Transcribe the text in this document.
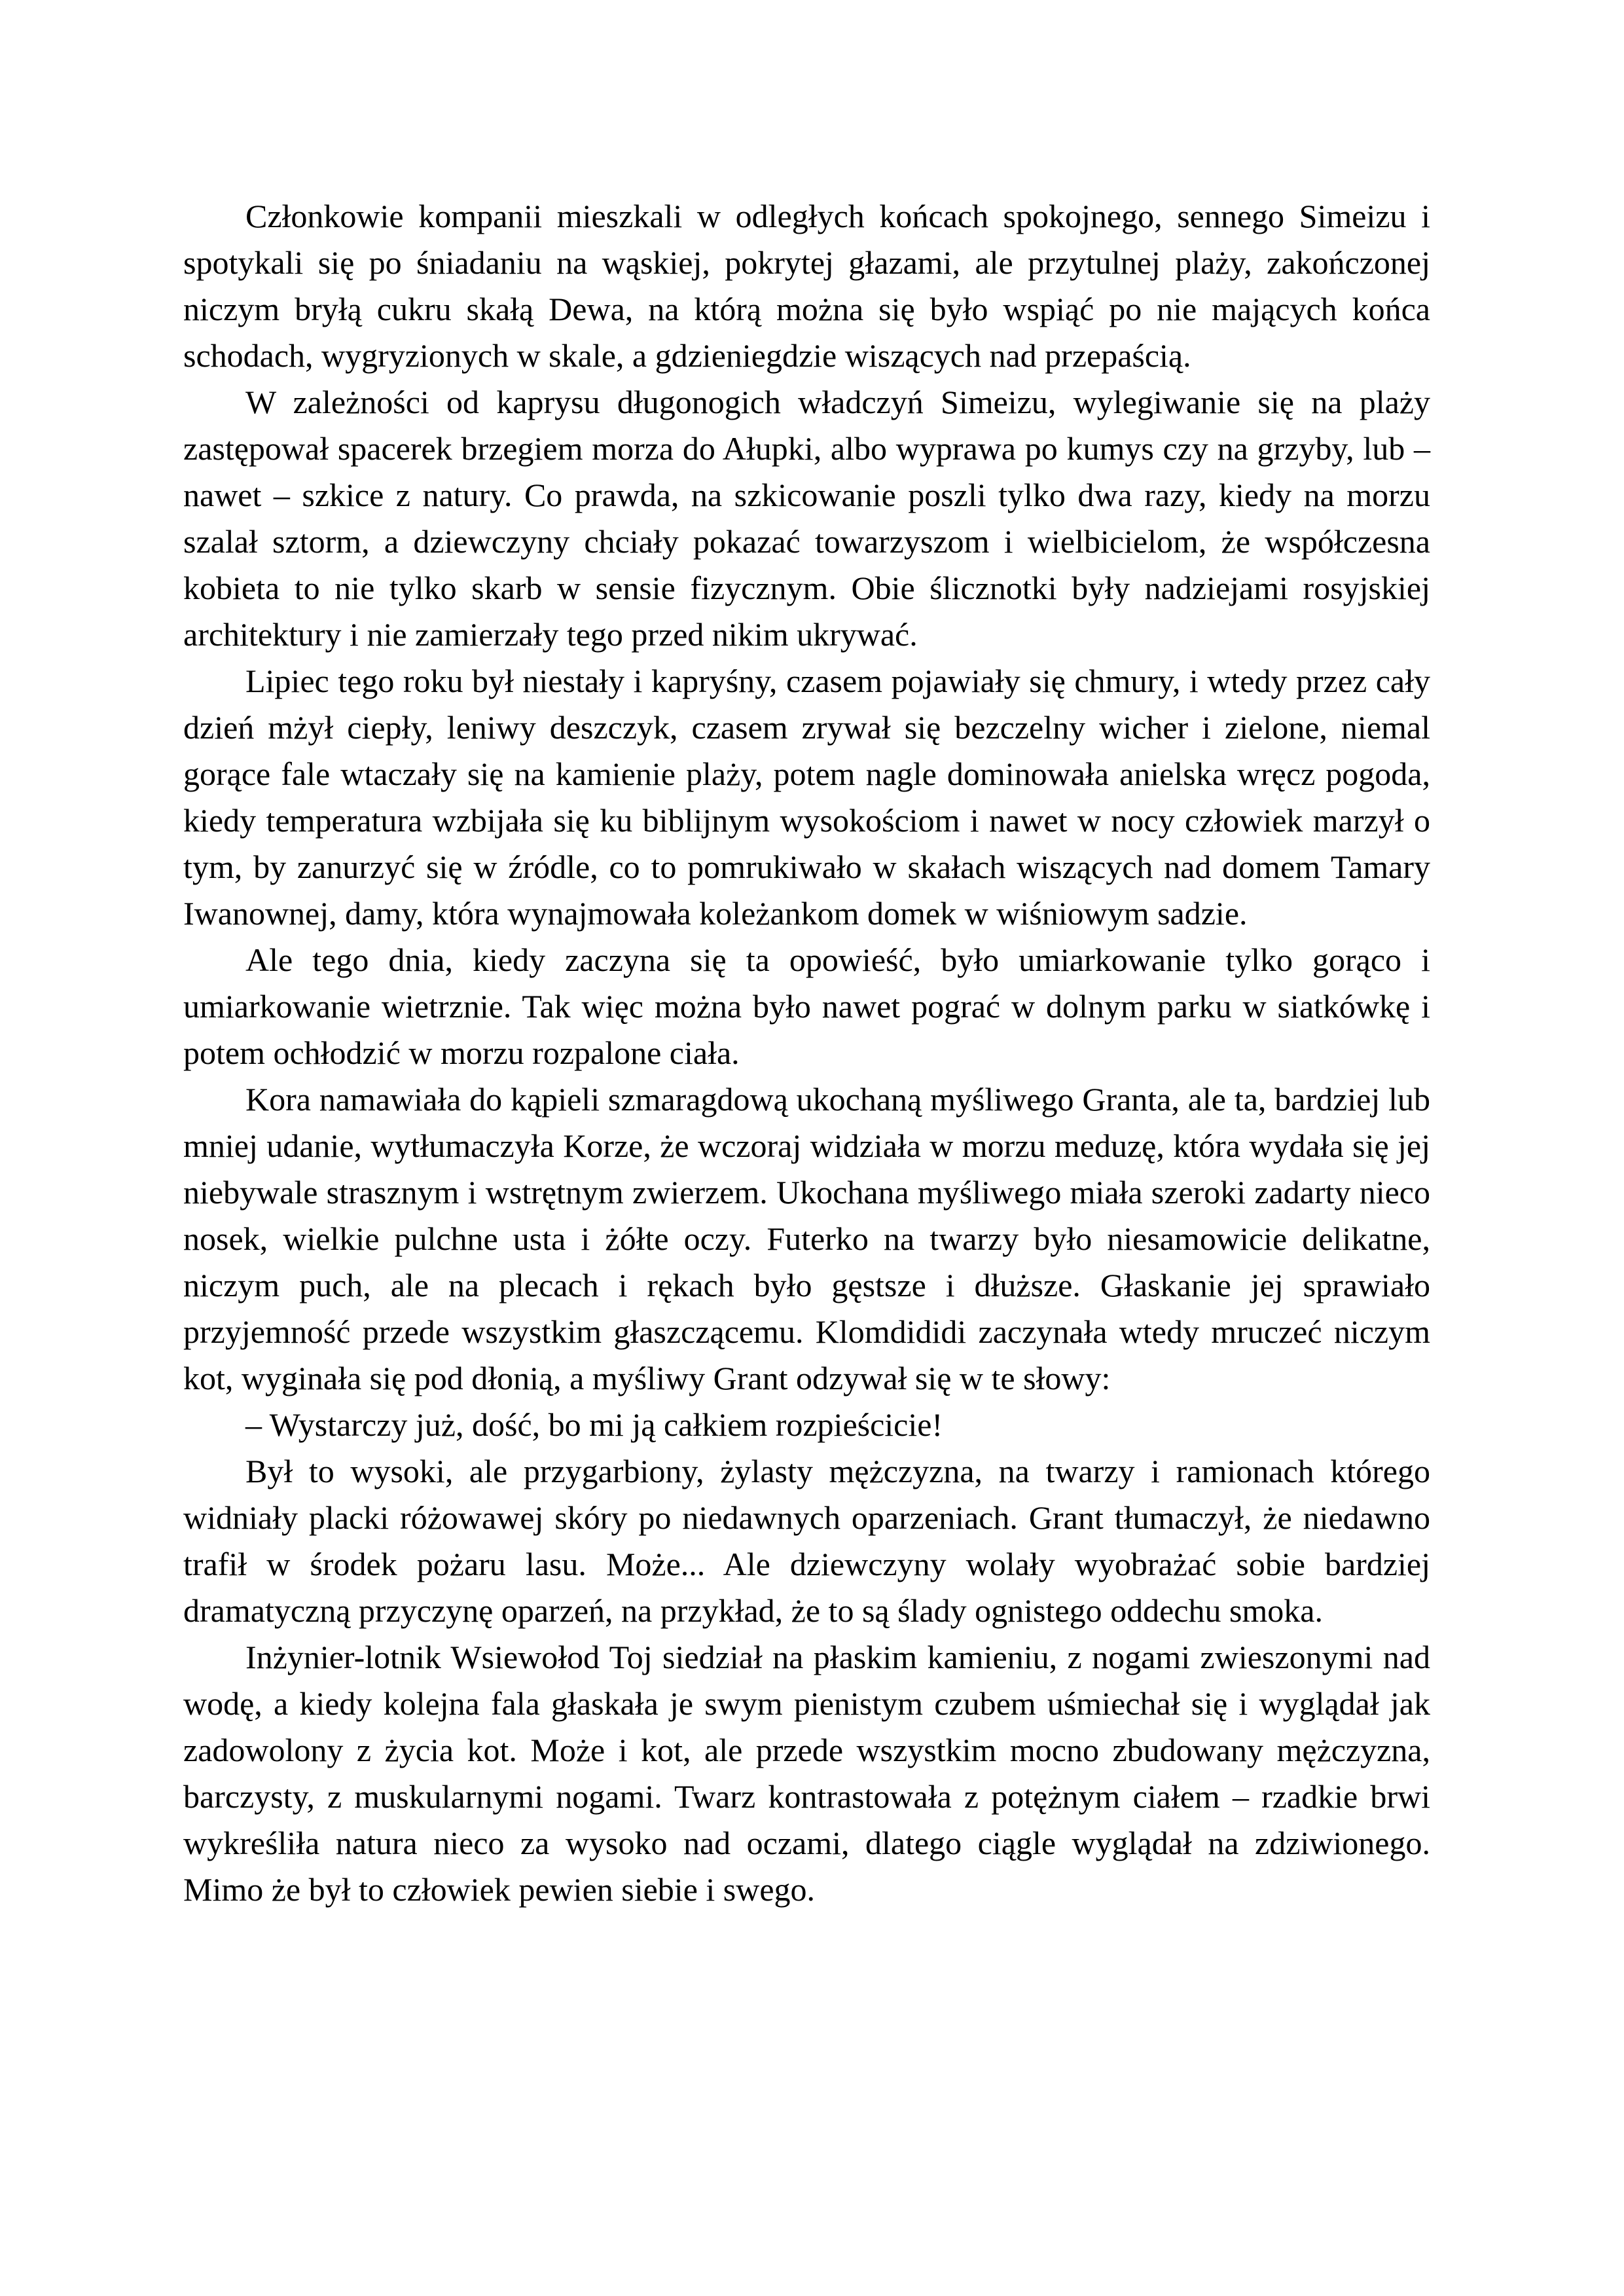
Członkowie kompanii mieszkali w odległych końcach spokojnego, sennego Simeizu i spotykali się po śniadaniu na wąskiej, pokrytej głazami, ale przytulnej plaży, zakończonej niczym bryłą cukru skałą Dewa, na którą można się było wspiąć po nie mających końca schodach, wygryzionych w skale, a gdzieniegdzie wiszących nad przepaścią.

W zależności od kaprysu długonogich władczyń Simeizu, wylegiwanie się na plaży zastępował spacerek brzegiem morza do Ałupki, albo wyprawa po kumys czy na grzyby, lub – nawet – szkice z natury. Co prawda, na szkicowanie poszli tylko dwa razy, kiedy na morzu szalał sztorm, a dziewczyny chciały pokazać towarzyszom i wielbicielom, że współczesna kobieta to nie tylko skarb w sensie fizycznym. Obie ślicznotki były nadziejami rosyjskiej architektury i nie zamierzały tego przed nikim ukrywać.

Lipiec tego roku był niestały i kapryśny, czasem pojawiały się chmury, i wtedy przez cały dzień mżył ciepły, leniwy deszczyk, czasem zrywał się bezczelny wicher i zielone, niemal gorące fale wtaczały się na kamienie plaży, potem nagle dominowała anielska wręcz pogoda, kiedy temperatura wzbijała się ku biblijnym wysokościom i nawet w nocy człowiek marzył o tym, by zanurzyć się w źródle, co to pomrukiwało w skałach wiszących nad domem Tamary Iwanownej, damy, która wynajmowała koleżankom domek w wiśniowym sadzie.

Ale tego dnia, kiedy zaczyna się ta opowieść, było umiarkowanie tylko gorąco i umiarkowanie wietrznie. Tak więc można było nawet pograć w dolnym parku w siatkówkę i potem ochłodzić w morzu rozpalone ciała.

Kora namawiała do kąpieli szmaragdową ukochaną myśliwego Granta, ale ta, bardziej lub mniej udanie, wytłumaczyła Korze, że wczoraj widziała w morzu meduzę, która wydała się jej niebywale strasznym i wstrętnym zwierzem. Ukochana myśliwego miała szeroki zadarty nieco nosek, wielkie pulchne usta i żółte oczy. Futerko na twarzy było niesamowicie delikatne, niczym puch, ale na plecach i rękach było gęstsze i dłuższe. Głaskanie jej sprawiało przyjemność przede wszystkim głaszczącemu. Klomdididi zaczynała wtedy mruczeć niczym kot, wyginała się pod dłonią, a myśliwy Grant odzywał się w te słowy:

– Wystarczy już, dość, bo mi ją całkiem rozpieścicie!

Był to wysoki, ale przygarbiony, żylasty mężczyzna, na twarzy i ramionach którego widniały placki różowawej skóry po niedawnych oparzeniach. Grant tłumaczył, że niedawno trafił w środek pożaru lasu. Może... Ale dziewczyny wolały wyobrażać sobie bardziej dramatyczną przyczynę oparzeń, na przykład, że to są ślady ognistego oddechu smoka.

Inżynier-lotnik Wsiewołod Toj siedział na płaskim kamieniu, z nogami zwieszonymi nad wodę, a kiedy kolejna fala głaskała je swym pienistym czubem uśmiechał się i wyglądał jak zadowolony z życia kot. Może i kot, ale przede wszystkim mocno zbudowany mężczyzna, barczysty, z muskularnymi nogami. Twarz kontrastowała z potężnym ciałem – rzadkie brwi wykreśliła natura nieco za wysoko nad oczami, dlatego ciągle wyglądał na zdziwionego. Mimo że był to człowiek pewien siebie i swego.
